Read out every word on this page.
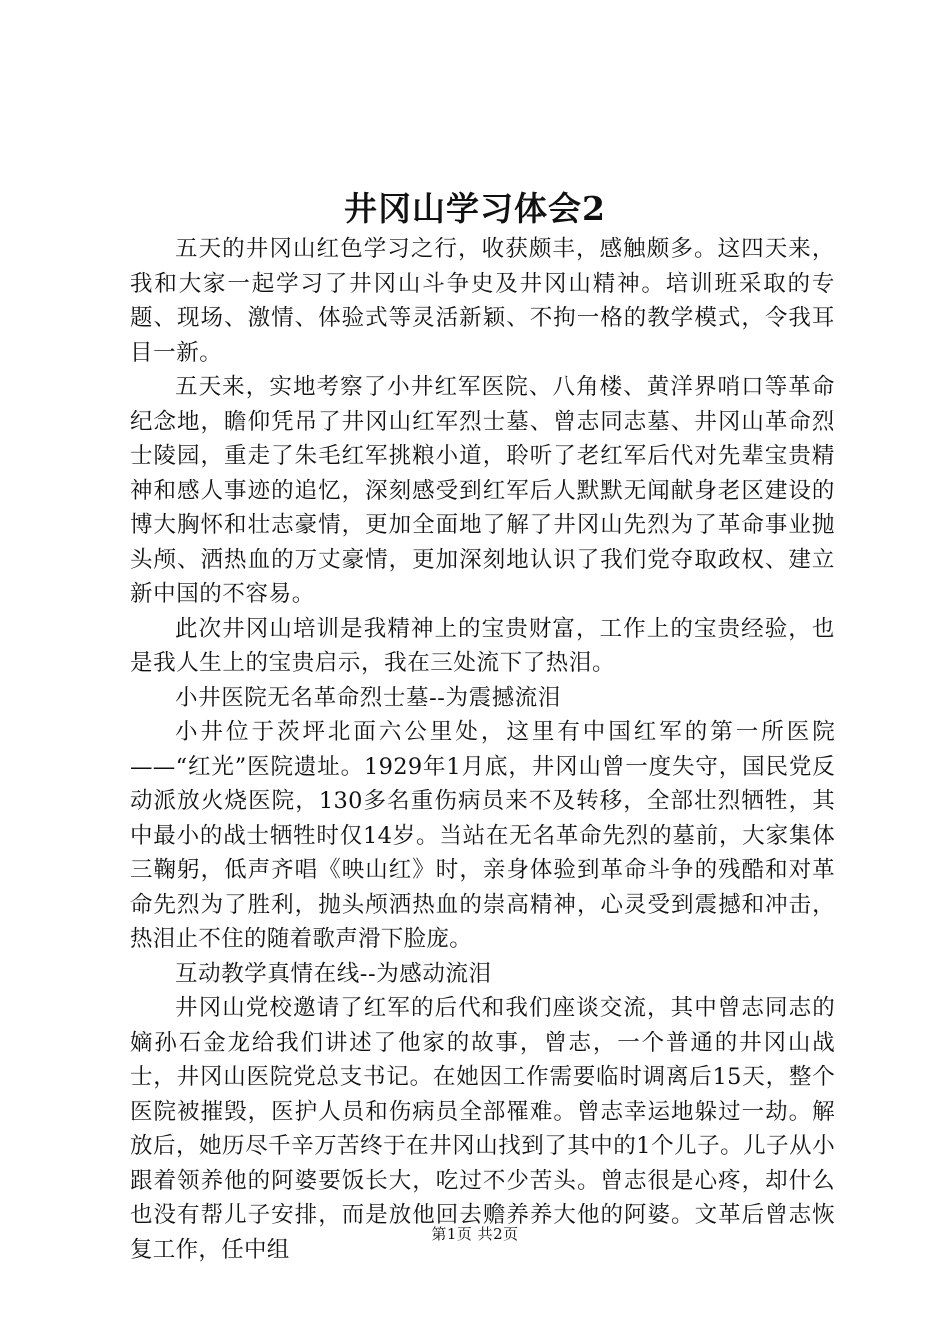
井冈山学习体会2

五天的井冈山红色学习之行，收获颇丰，感触颇多。这四天来，我和大家一起学习了井冈山斗争史及井冈山精神。培训班采取的专题、现场、激情、体验式等灵活新颖、不拘一格的教学模式，令我耳目一新。

五天来，实地考察了小井红军医院、八角楼、黄洋界哨口等革命纪念地，瞻仰凭吊了井冈山红军烈士墓、曾志同志墓、井冈山革命烈士陵园，重走了朱毛红军挑粮小道，聆听了老红军后代对先辈宝贵精神和感人事迹的追忆，深刻感受到红军后人默默无闻献身老区建设的博大胸怀和壮志豪情，更加全面地了解了井冈山先烈为了革命事业抛头颅、洒热血的万丈豪情，更加深刻地认识了我们党夺取政权、建立新中国的不容易。

此次井冈山培训是我精神上的宝贵财富，工作上的宝贵经验，也是我人生上的宝贵启示，我在三处流下了热泪。

小井医院无名革命烈士墓--为震撼流泪

小井位于茨坪北面六公里处，这里有中国红军的第一所医院——“红光”医院遗址。1929年1月底，井冈山曾一度失守，国民党反动派放火烧医院，130多名重伤病员来不及转移，全部壮烈牺牲，其中最小的战士牺牲时仅14岁。当站在无名革命先烈的墓前，大家集体三鞠躬，低声齐唱《映山红》时，亲身体验到革命斗争的残酷和对革命先烈为了胜利，抛头颅洒热血的崇高精神，心灵受到震撼和冲击，热泪止不住的随着歌声滑下脸庞。

互动教学真情在线--为感动流泪

井冈山党校邀请了红军的后代和我们座谈交流，其中曾志同志的嫡孙石金龙给我们讲述了他家的故事，曾志，一个普通的井冈山战士，井冈山医院党总支书记。在她因工作需要临时调离后15天，整个医院被摧毁，医护人员和伤病员全部罹难。曾志幸运地躲过一劫。解放后，她历尽千辛万苦终于在井冈山找到了其中的1个儿子。儿子从小跟着领养他的阿婆要饭长大，吃过不少苦头。曾志很是心疼，却什么也没有帮儿子安排，而是放他回去赡养养大他的阿婆。文革后曾志恢复工作，任中组

第1页 共2页
